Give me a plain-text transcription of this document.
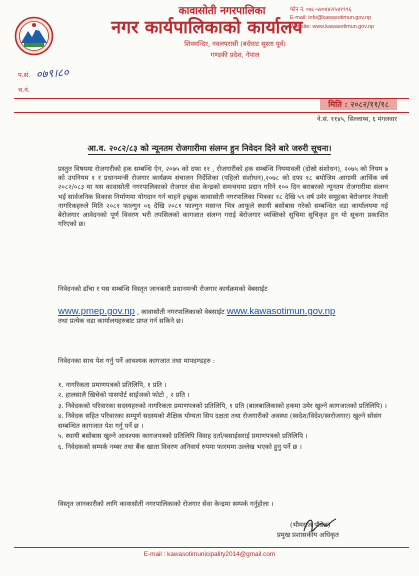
कावासोती नगरपालिका
नगर कार्यपालिकाको कार्यालय
शिवमन्दिर, नवलपरासी (बर्दघाट सुस्ता पूर्व)
गण्डकी प्रदेश, नेपाल
फोन नं. ०७८-५४०४४२/५४१९९६
E-mail: info@kawasotimun.gov.np
Website: www.kawasotimun.gov.np
प.सं. ०७९।८०
च.नं.
मिति : २०८२/११/१८
ने.सं. ११४५, सिल्लाथ्व, ६ मंगलवार
आ.व. २०८२/८३ को न्यूनतम रोजगारीमा संलग्न हुन निवेदन दिने बारे जरुरी सूचना।
प्रस्तुत विषयमा रोजगारीको हक सम्बन्धि ऐन, २०७५ को दफा ११ , रोजगारीको हक सम्बन्धि नियमावली (दोस्रो संशोधन), २०७५ को नियम ७ को उपनियम १ र प्रधानमन्त्री रोजगार कार्यक्रम संचालन निर्देशिका (पहिलो संशोधन),२०७८ को दफा १८ बमोजिम आगामी आर्थिक वर्ष २०८२/०८३ मा यस कावासोती नगरपालिकाको रोजगार सेवा केन्द्रको समन्वयमा प्रदान गरिने १०० दिन बराबरको न्यूनतम रोजगारीमा संलग्न भई सार्वजनिक विकास निर्माणमा योगदान गर्न चाहने इच्छुक कावासोती नगरपालिका भित्रका १८ देखि ५९ वर्ष उमेर समूहका बेरोजगार नेपाली नागरिकहरुले मिति २०८१ फाल्गुन ०६ देखि २०८१ फाल्गुन मसान्त भित्र आफूले स्थायी बसोबास गरेको सम्बन्धित वडा कार्यालयमा गई बेरोजगार आवेदनको पूर्ण विवरण भरी तपसिलको कागजात संलग्न गराई बेरोजगार व्यक्तिको सुचिमा सुचिकृत हुन यो सूचना प्रकाशित गरिएको छ।
निवेदनको ढाँचा र यस सम्बन्धि विस्तृत जानकारी प्रधानमन्त्री रोजगार कार्यक्रमको वेबसाईट
www.pmep.gov.np , कावासोती नगरपालिकाको वेबसाईट www.kawasotimun.gov.np
तथा प्रत्येक वडा कार्यालयहरुबाट प्राप्त गर्न सकिने छ।
निवेदनका साथ पेश गर्नु पर्ने आवश्यक कागजात तथा मापदण्डहरु :
१. नागरिकता प्रमाणपत्रको प्रतिलिपि, १ प्रति ।
२. हालसालै खिचेको पासपोर्ट साईजको फोटो , २ प्रति ।
३. निवेदकको परिवारका सदस्यहरुको नागरिकता प्रमाणपत्रको प्रतिलिपि, १ प्रति (बालबालिकाको हकमा उमेर खुल्ने कागजातको प्रतिलिपि) ।
४. निवेदक सहित परिवारका सम्पूर्ण सदस्यको शैक्षिक योग्यता सिप दक्षता तथा रोजगारीको अवस्था (स्वदेश/विदेश/स्वरोजगार) खुल्ने सोसंग सम्बन्धित कागजात पेश गर्नु पर्ने छ ।
५. स्थायी बसोबास खुल्ने आवश्यक कागजपत्रको प्रतिलिपि विवाह दर्ता/बसाईसराई प्रमाणपत्रको प्रतिलिपि ।
६. निवेदकको सम्पर्क नम्बर तथा बैंक खाता विवरण अनिवार्य रुपमा फारममा उल्लेख भएको हुनु पर्ने छ ।
विस्तृत जानकारीको लागि कावासोती नगरपालिकाको रोजगार सेवा केन्द्रमा सम्पर्क गर्नुहोला ।
(भीमराज पौडेल)
प्रमुख प्रशासकीय अधिकृत
E-mail : kawasotimunicipality2014@gmail.com
